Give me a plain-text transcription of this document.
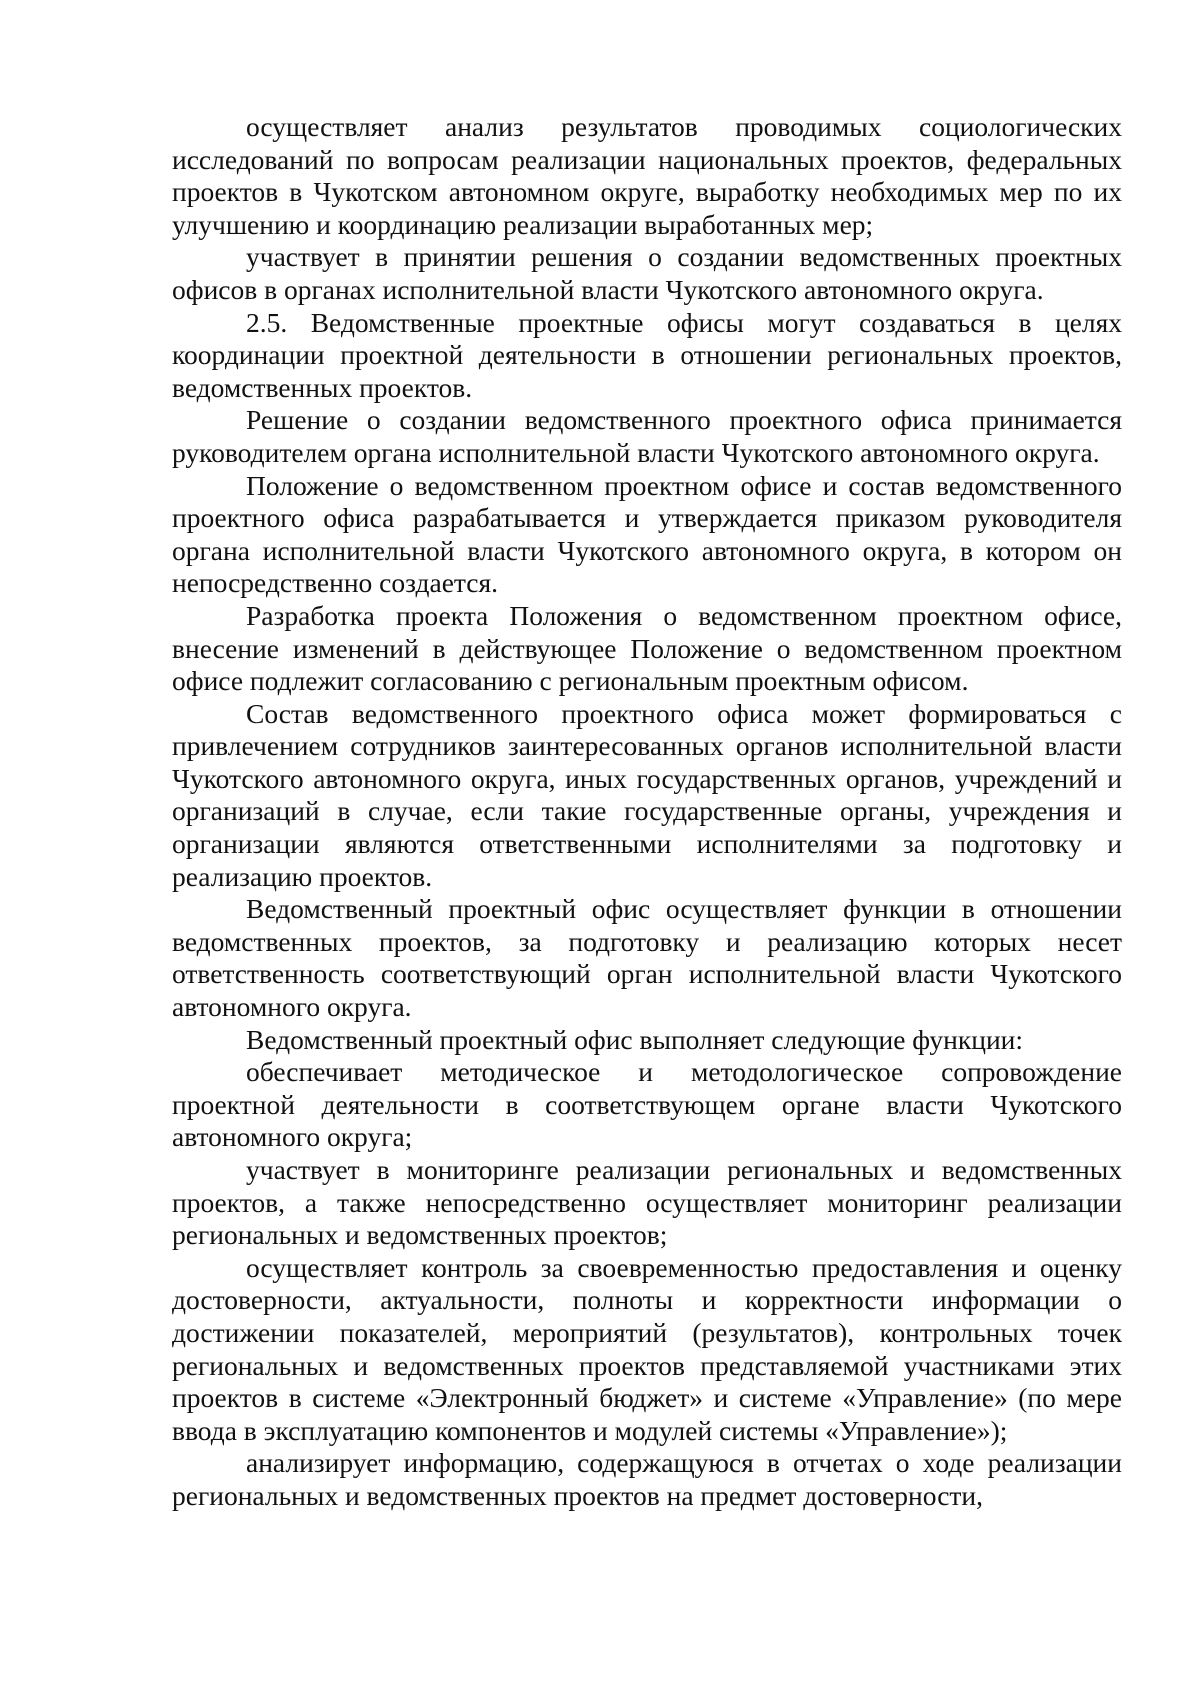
осуществляет анализ результатов проводимых социологических исследований по вопросам реализации национальных проектов, федеральных проектов в Чукотском автономном округе, выработку необходимых мер по их улучшению и координацию реализации выработанных мер;

участвует в принятии решения о создании ведомственных проектных офисов в органах исполнительной власти Чукотского автономного округа.

2.5. Ведомственные проектные офисы могут создаваться в целях координации проектной деятельности в отношении региональных проектов, ведомственных проектов.

Решение о создании ведомственного проектного офиса принимается руководителем органа исполнительной власти Чукотского автономного округа.

Положение о ведомственном проектном офисе и состав ведомственного проектного офиса разрабатывается и утверждается приказом руководителя органа исполнительной власти Чукотского автономного округа, в котором он непосредственно создается.

Разработка проекта Положения о ведомственном проектном офисе, внесение изменений в действующее Положение о ведомственном проектном офисе подлежит согласованию с региональным проектным офисом.

Состав ведомственного проектного офиса может формироваться с привлечением сотрудников заинтересованных органов исполнительной власти Чукотского автономного округа, иных государственных органов, учреждений и организаций в случае, если такие государственные органы, учреждения и организации являются ответственными исполнителями за подготовку и реализацию проектов.

Ведомственный проектный офис осуществляет функции в отношении ведомственных проектов, за подготовку и реализацию которых несет ответственность соответствующий орган исполнительной власти Чукотского автономного округа.

Ведомственный проектный офис выполняет следующие функции:

обеспечивает методическое и методологическое сопровождение проектной деятельности в соответствующем органе власти Чукотского автономного округа;

участвует в мониторинге реализации региональных и ведомственных проектов, а также непосредственно осуществляет мониторинг реализации региональных и ведомственных проектов;

осуществляет контроль за своевременностью предоставления и оценку достоверности, актуальности, полноты и корректности информации о достижении показателей, мероприятий (результатов), контрольных точек региональных и ведомственных проектов представляемой участниками этих проектов в системе «Электронный бюджет» и системе «Управление» (по мере ввода в эксплуатацию компонентов и модулей системы «Управление»);

анализирует информацию, содержащуюся в отчетах о ходе реализации региональных и ведомственных проектов на предмет достоверности,
